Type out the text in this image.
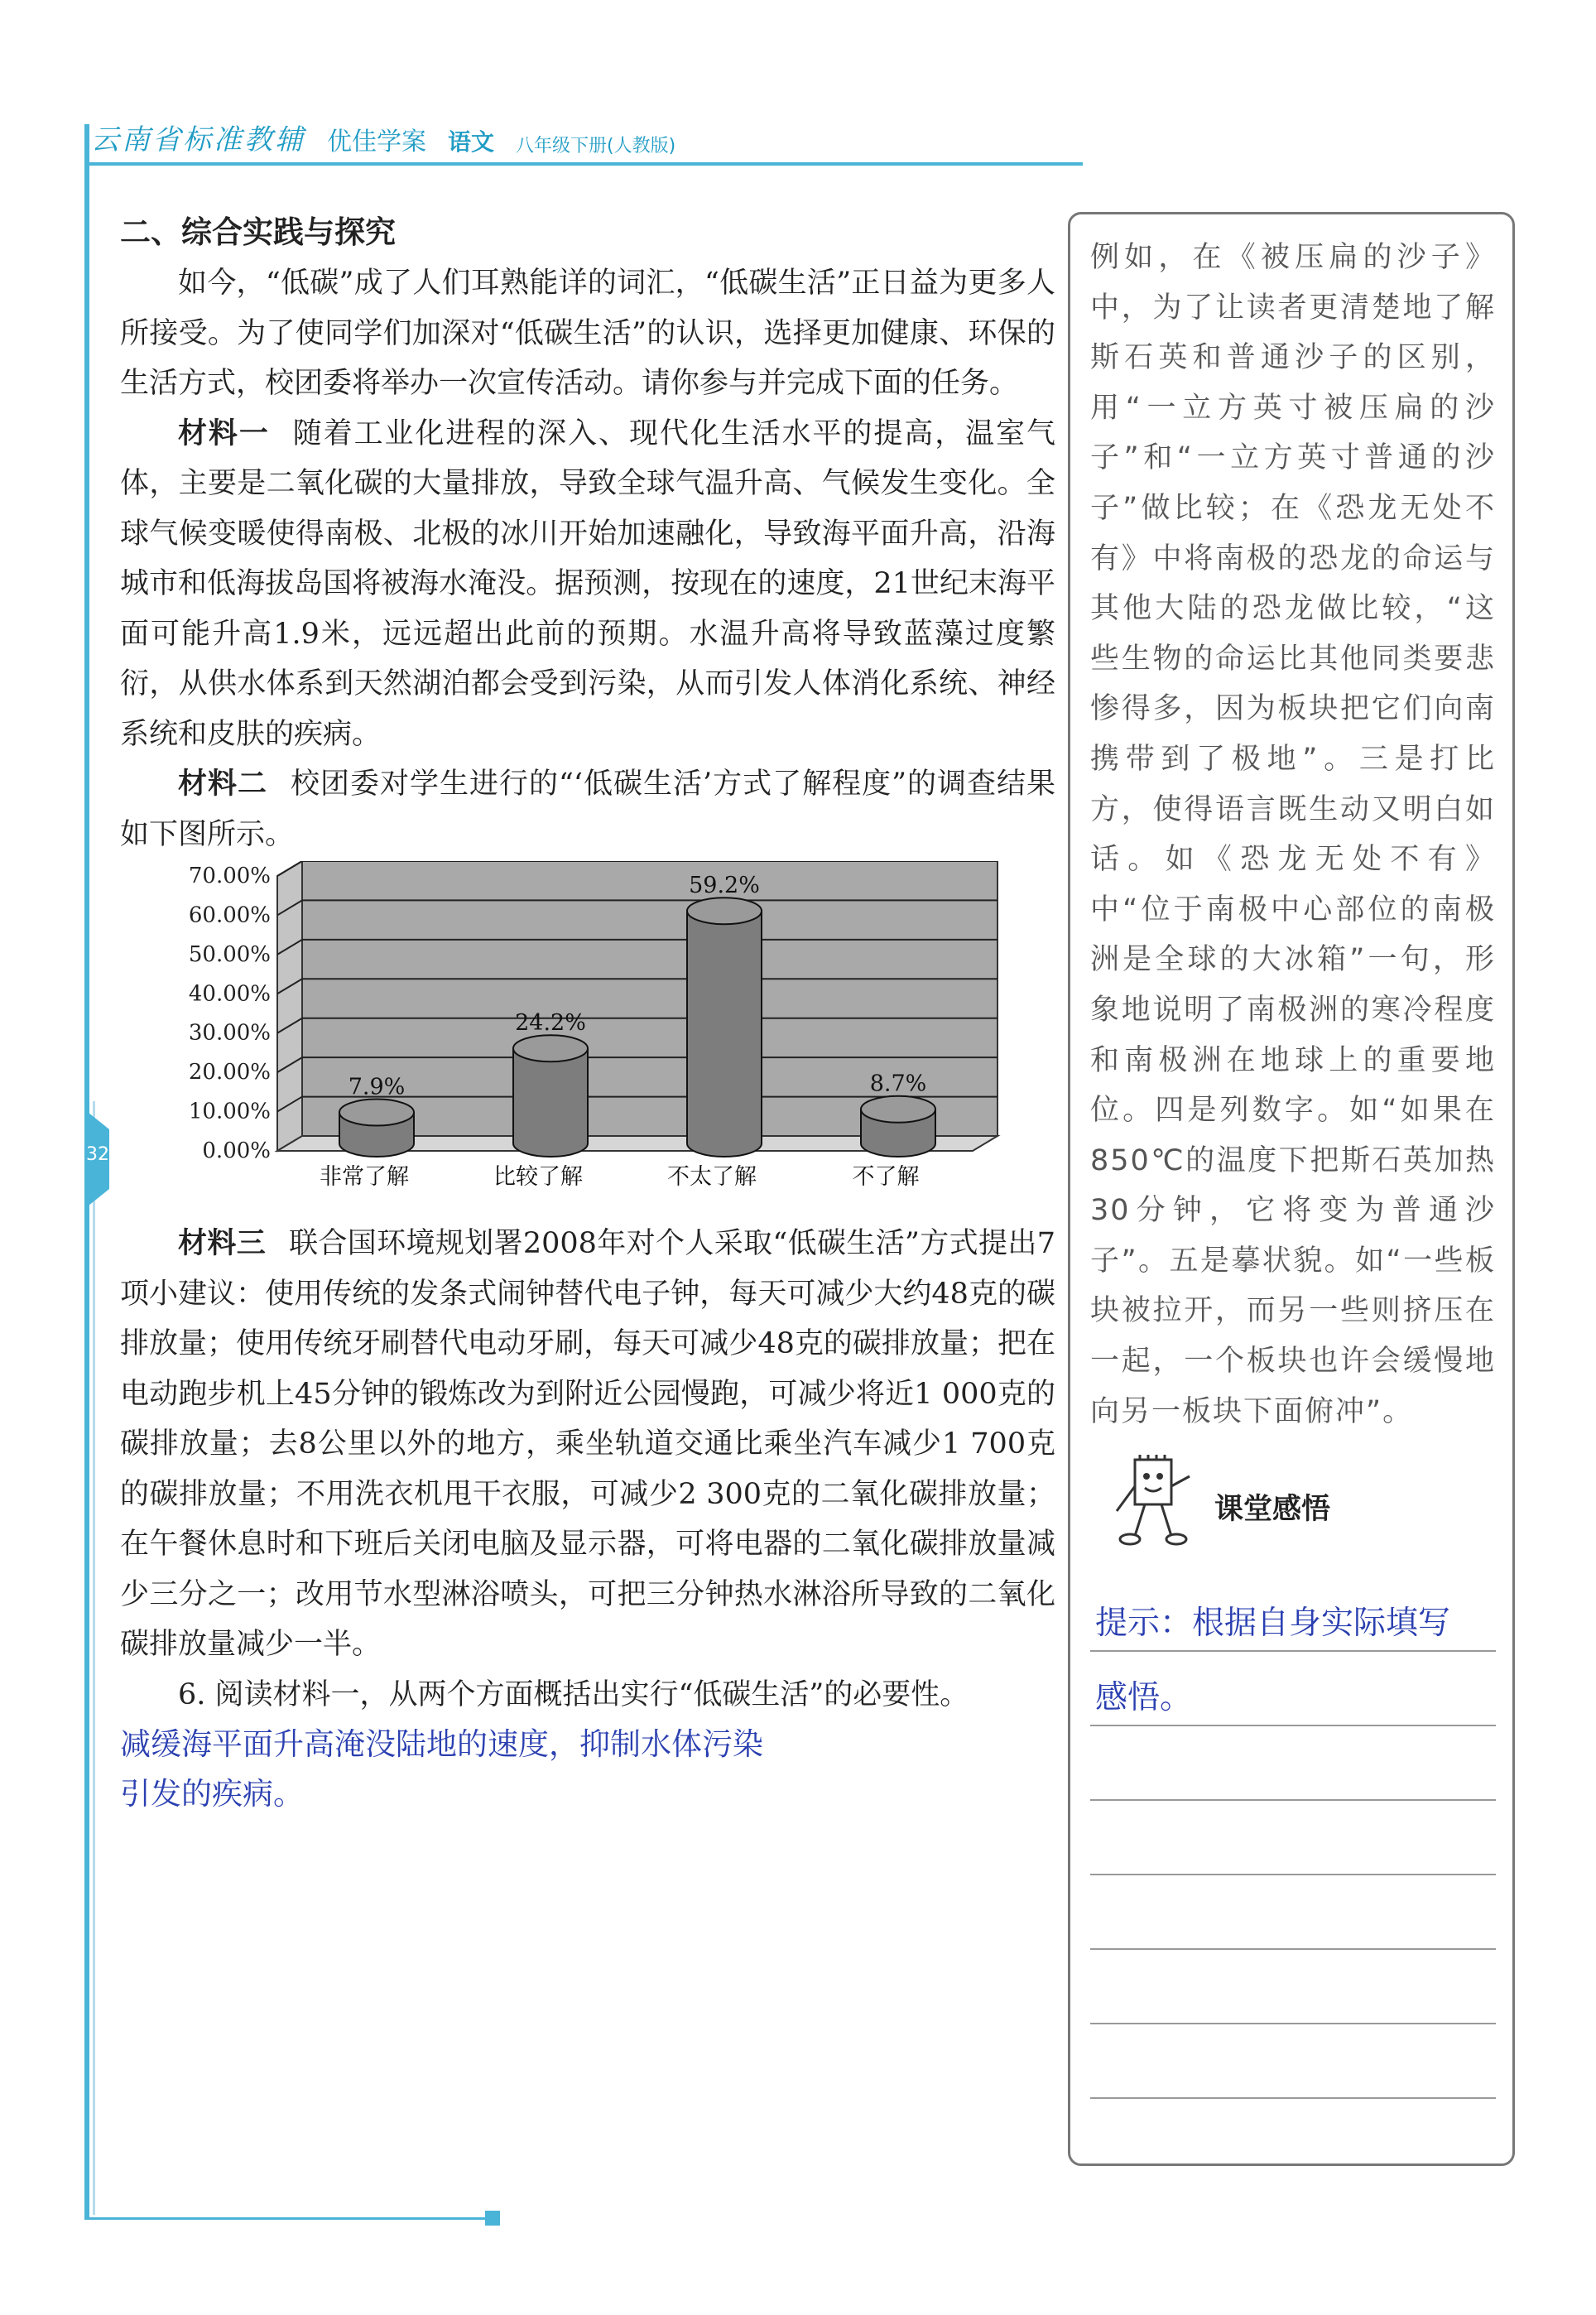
云南省标准教辅 优佳学案 语文 八年级下册(人教版)
32

二、综合实践与探究

如今，“低碳”成了人们耳熟能详的词汇，“低碳生活”正日益为更多人所接受。为了使同学们加深对“低碳生活”的认识，选择更加健康、环保的生活方式，校团委将举办一次宣传活动。请你参与并完成下面的任务。

材料一 随着工业化进程的深入、现代化生活水平的提高，温室气体，主要是二氧化碳的大量排放，导致全球气温升高、气候发生变化。全球气候变暖使得南极、北极的冰川开始加速融化，导致海平面升高，沿海城市和低海拔岛国将被海水淹没。据预测，按现在的速度，21世纪末海平面可能升高1.9米，远远超出此前的预期。水温升高将导致蓝藻过度繁衍，从供水体系到天然湖泊都会受到污染，从而引发人体消化系统、神经系统和皮肤的疾病。

材料二 校团委对学生进行的“‘低碳生活’方式了解程度”的调查结果如下图所示。

0.00%
10.00%
20.00%
30.00%
40.00%
50.00%
60.00%
70.00%
7.9%
非常了解
24.2%
比较了解
59.2%
不太了解
8.7%
不了解

材料三 联合国环境规划署2008年对个人采取“低碳生活”方式提出7项小建议：使用传统的发条式闹钟替代电子钟，每天可减少大约48克的碳排放量；使用传统牙刷替代电动牙刷，每天可减少48克的碳排放量；把在电动跑步机上45分钟的锻炼改为到附近公园慢跑，可减少将近1 000克的碳排放量；去8公里以外的地方，乘坐轨道交通比乘坐汽车减少1 700克的碳排放量；不用洗衣机甩干衣服，可减少2 300克的二氧化碳排放量；在午餐休息时和下班后关闭电脑及显示器，可将电器的二氧化碳排放量减少三分之一；改用节水型淋浴喷头，可把三分钟热水淋浴所导致的二氧化碳排放量减少一半。

6. 阅读材料一，从两个方面概括出实行“低碳生活”的必要性。

减缓海平面升高淹没陆地的速度，抑制水体污染

引发的疾病。

例如，在《被压扁的沙子》中，为了让读者更清楚地了解斯石英和普通沙子的区别，用“一立方英寸被压扁的沙子”和“一立方英寸普通的沙子”做比较；在《恐龙无处不有》中将南极的恐龙的命运与其他大陆的恐龙做比较，“这些生物的命运比其他同类要悲惨得多，因为板块把它们向南携带到了极地”。三是打比方，使得语言既生动又明白如话。如《恐龙无处不有》中“位于南极中心部位的南极洲是全球的大冰箱”一句，形象地说明了南极洲的寒冷程度和南极洲在地球上的重要地位。四是列数字。如“如果在850℃的温度下把斯石英加热30分钟，它将变为普通沙子”。五是摹状貌。如“一些板块被拉开，而另一些则挤压在一起，一个板块也许会缓慢地向另一板块下面俯冲”。

课堂感悟
提示：根据自身实际填写
感悟。
